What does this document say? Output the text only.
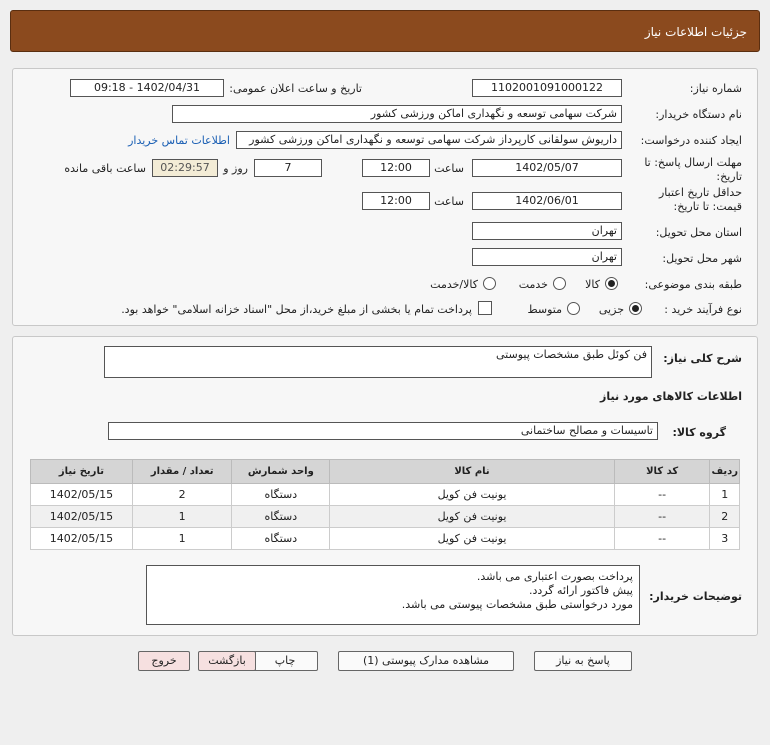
جزئیات اطلاعات نیاز
شماره نیاز:
1102001091000122
تاریخ و ساعت اعلان عمومی:
1402/04/31 - 09:18
نام دستگاه خریدار:
شرکت سهامی توسعه و نگهداری اماکن ورزشی کشور
ایجاد کننده درخواست:
داریوش سولقانی کارپرداز شرکت سهامی توسعه و نگهداری اماکن ورزشی کشور
اطلاعات تماس خریدار
مهلت ارسال پاسخ: تا تاریخ:
1402/05/07
ساعت
12:00
7
روز و
02:29:57
ساعت باقی مانده
حداقل تاریخ اعتبار قیمت: تا تاریخ:
1402/06/01
ساعت
12:00
استان محل تحویل:
تهران
شهر محل تحویل:
تهران
طبقه بندی موضوعی:
کالا
خدمت
کالا/خدمت
نوع فرآیند خرید :
جزیی
متوسط
پرداخت تمام یا بخشی از مبلغ خرید،از محل "اسناد خزانه اسلامی" خواهد بود.
شرح کلی نیاز:
فن کوئل طبق مشخصات پیوستی
اطلاعات کالاهای مورد نیاز
گروه کالا:
تاسیسات و مصالح ساختمانی
ردیف	کد کالا	نام کالا	واحد شمارش	تعداد / مقدار	تاریخ نیاز
1	--	یونیت فن کویل	دستگاه	2	1402/05/15
2	--	یونیت فن کویل	دستگاه	1	1402/05/15
3	--	یونیت فن کویل	دستگاه	1	1402/05/15
توضیحات خریدار:
پرداخت بصورت اعتباری می باشد.
پیش فاکتور ارائه گردد.
مورد درخواستی طبق مشخصات پیوستی می باشد.
پاسخ به نیاز
مشاهده مدارک پیوستی (1)
چاپ
بازگشت
خروج
